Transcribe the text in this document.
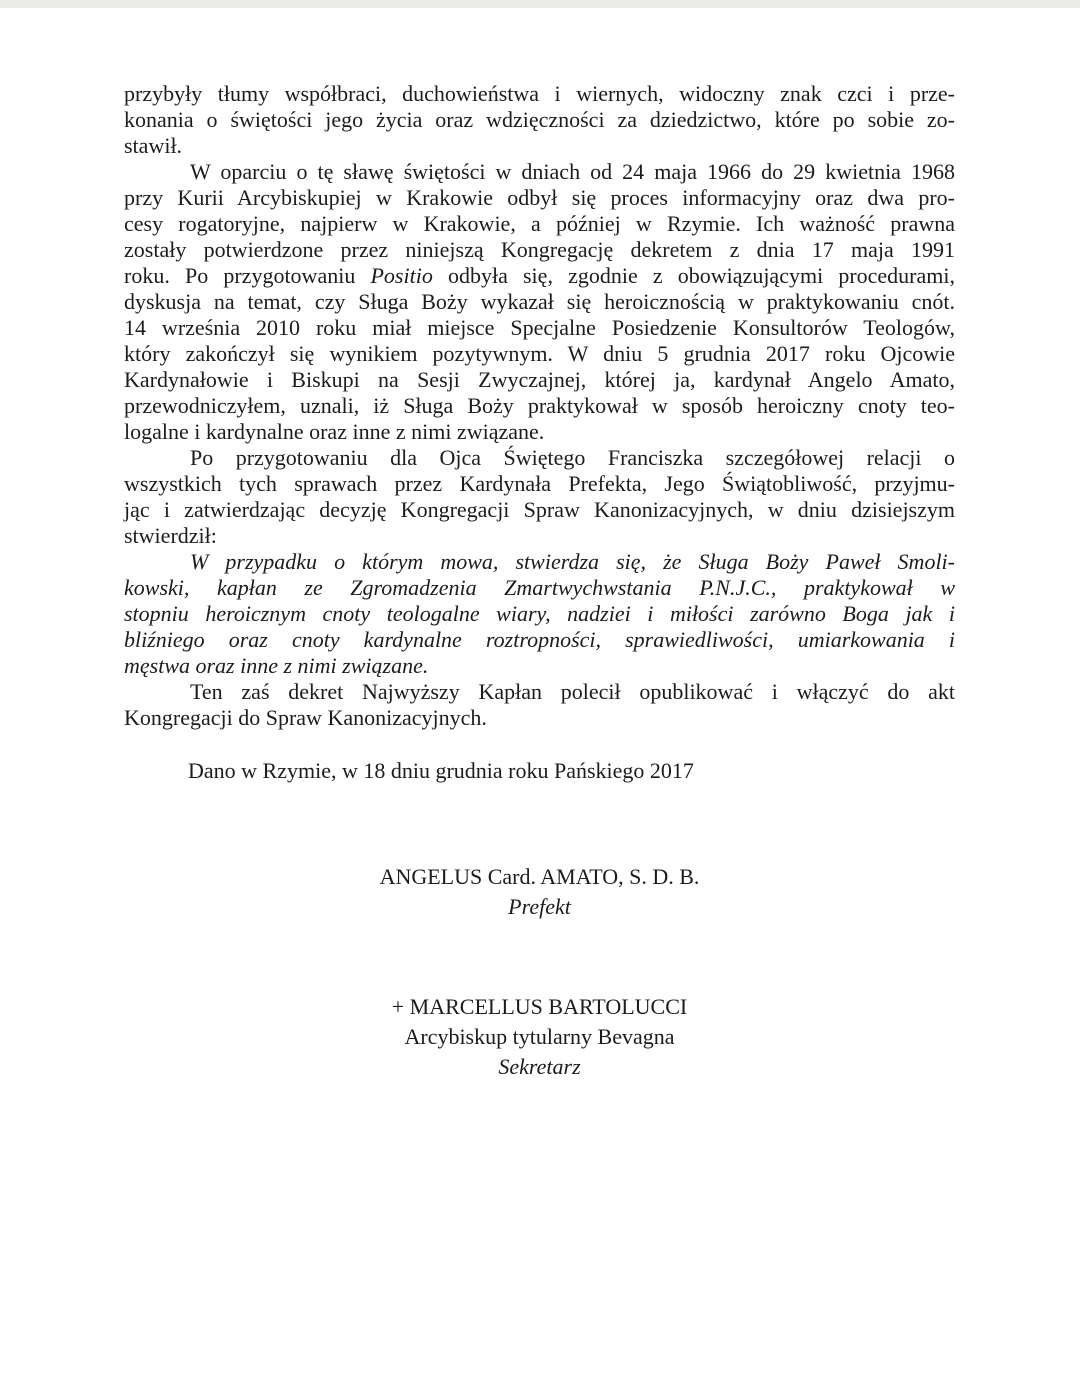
przybyły tłumy współbraci, duchowieństwa i wiernych, widoczny znak czci i prze-
konania o świętości jego życia oraz wdzięczności za dziedzictwo, które po sobie zo-
stawił.
W oparciu o tę sławę świętości w dniach od 24 maja 1966 do 29 kwietnia 1968
przy Kurii Arcybiskupiej w Krakowie odbył się proces informacyjny oraz dwa pro-
cesy rogatoryjne, najpierw w Krakowie, a później w Rzymie. Ich ważność prawna
zostały potwierdzone przez niniejszą Kongregację dekretem z dnia 17 maja 1991
roku. Po przygotowaniu Positio odbyła się, zgodnie z obowiązującymi procedurami,
dyskusja na temat, czy Sługa Boży wykazał się heroicznością w praktykowaniu cnót.
14 września 2010 roku miał miejsce Specjalne Posiedzenie Konsultorów Teologów,
który zakończył się wynikiem pozytywnym. W dniu 5 grudnia 2017 roku Ojcowie
Kardynałowie i Biskupi na Sesji Zwyczajnej, której ja, kardynał Angelo Amato,
przewodniczyłem, uznali, iż Sługa Boży praktykował w sposób heroiczny cnoty teo-
logalne i kardynalne oraz inne z nimi związane.
Po przygotowaniu dla Ojca Świętego Franciszka szczegółowej relacji o
wszystkich tych sprawach przez Kardynała Prefekta, Jego Świątobliwość, przyjmu-
jąc i zatwierdzając decyzję Kongregacji Spraw Kanonizacyjnych, w dniu dzisiejszym
stwierdził:
W przypadku o którym mowa, stwierdza się, że Sługa Boży Paweł Smoli-
kowski, kapłan ze Zgromadzenia Zmartwychwstania P.N.J.C., praktykował w
stopniu heroicznym cnoty teologalne wiary, nadziei i miłości zarówno Boga jak i
bliźniego oraz cnoty kardynalne roztropności, sprawiedliwości, umiarkowania i
męstwa oraz inne z nimi związane.
Ten zaś dekret Najwyższy Kapłan polecił opublikować i włączyć do akt
Kongregacji do Spraw Kanonizacyjnych.
Dano w Rzymie, w 18 dniu grudnia roku Pańskiego 2017
ANGELUS Card. AMATO, S. D. B.
Prefekt
+ MARCELLUS BARTOLUCCI
Arcybiskup tytularny Bevagna
Sekretarz
